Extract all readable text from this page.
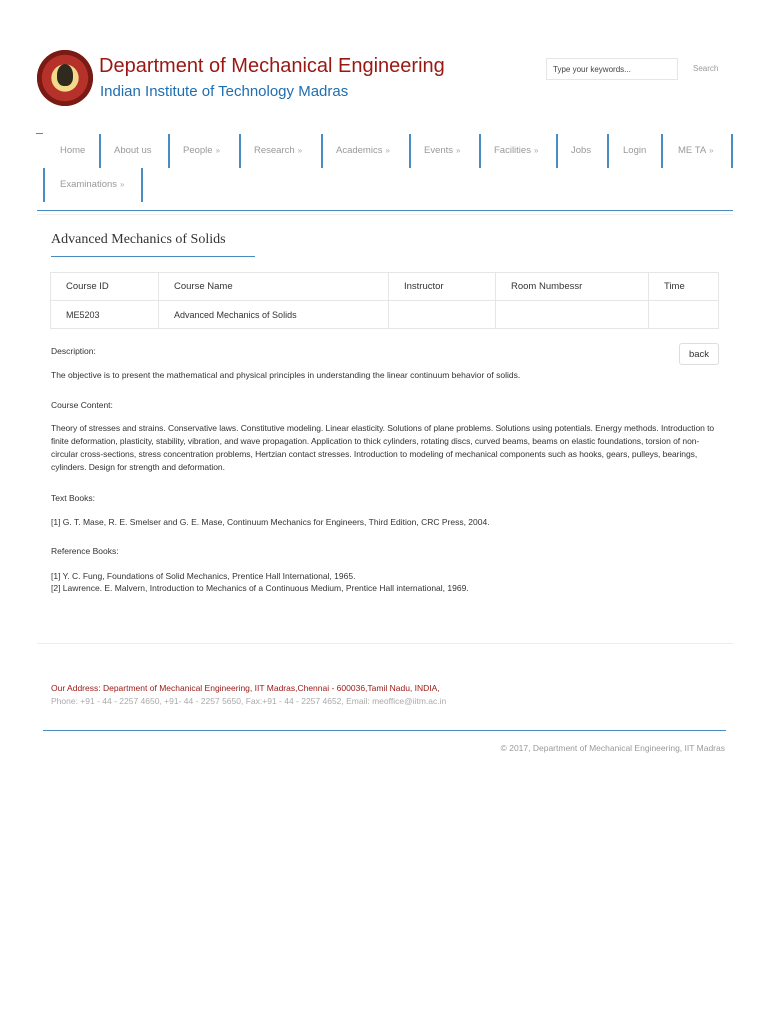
Department of Mechanical Engineering
Indian Institute of Technology Madras
Type your keywords...
Search
Home	About us	People »	Research »	Academics »	Events »	Facilities »	Jobs	Login	ME TA »
Examinations »
Advanced Mechanics of Solids
Course ID	Course Name	Instructor	Room Numbessr	Time
ME5203	Advanced Mechanics of Solids			
back
Description:
The objective is to present the mathematical and physical principles in understanding the linear continuum behavior of solids.
Course Content:
Theory of stresses and strains. Conservative laws. Constitutive modeling. Linear elasticity. Solutions of plane problems. Solutions using potentials. Energy methods. Introduction to finite deformation, plasticity, stability, vibration, and wave propagation. Application to thick cylinders, rotating discs, curved beams, beams on elastic foundations, torsion of non-circular cross-sections, stress concentration problems, Hertzian contact stresses. Introduction to modeling of mechanical components such as hooks, gears, pulleys, bearings, cylinders. Design for strength and deformation.
Text Books:
[1] G. T. Mase, R. E. Smelser and G. E. Mase, Continuum Mechanics for Engineers, Third Edition, CRC Press, 2004.
Reference Books:
[1] Y. C. Fung, Foundations of Solid Mechanics, Prentice Hall International, 1965.
[2] Lawrence. E. Malvern, Introduction to Mechanics of a Continuous Medium, Prentice Hall international, 1969.
Our Address: Department of Mechanical Engineering, IIT Madras,Chennai - 600036,Tamil Nadu, INDIA,
Phone: +91 - 44 - 2257 4650, +91- 44 - 2257 5650, Fax:+91 - 44 - 2257 4652, Email: meoffice@iitm.ac.in
© 2017, Department of Mechanical Engineering, IIT Madras
